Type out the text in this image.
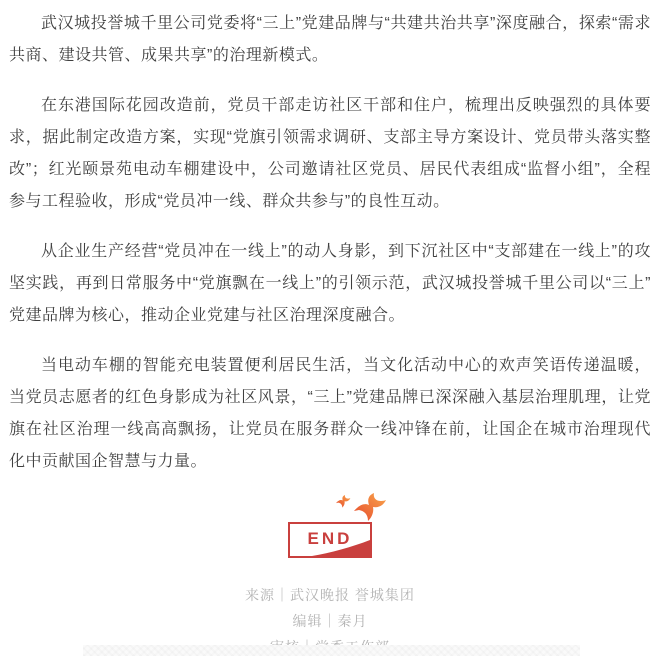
武汉城投誉城千里公司党委将“三上”党建品牌与“共建共治共享”深度融合，探索“需求共商、建设共管、成果共享”的治理新模式。

在东港国际花园改造前，党员干部走访社区干部和住户，梳理出反映强烈的具体要求，据此制定改造方案，实现“党旗引领需求调研、支部主导方案设计、党员带头落实整改”；红光颐景苑电动车棚建设中，公司邀请社区党员、居民代表组成“监督小组”，全程参与工程验收，形成“党员冲一线、群众共参与”的良性互动。

从企业生产经营“党员冲在一线上”的动人身影，到下沉社区中“支部建在一线上”的攻坚实践，再到日常服务中“党旗飘在一线上”的引领示范，武汉城投誉城千里公司以“三上”党建品牌为核心，推动企业党建与社区治理深度融合。

当电动车棚的智能充电装置便利居民生活，当文化活动中心的欢声笑语传递温暖，当党员志愿者的红色身影成为社区风景，“三上”党建品牌已深深融入基层治理肌理，让党旗在社区治理一线高高飘扬，让党员在服务群众一线冲锋在前，让国企在城市治理现代化中贡献国企智慧与力量。

END
来源｜武汉晚报 誉城集团
编辑｜秦月
